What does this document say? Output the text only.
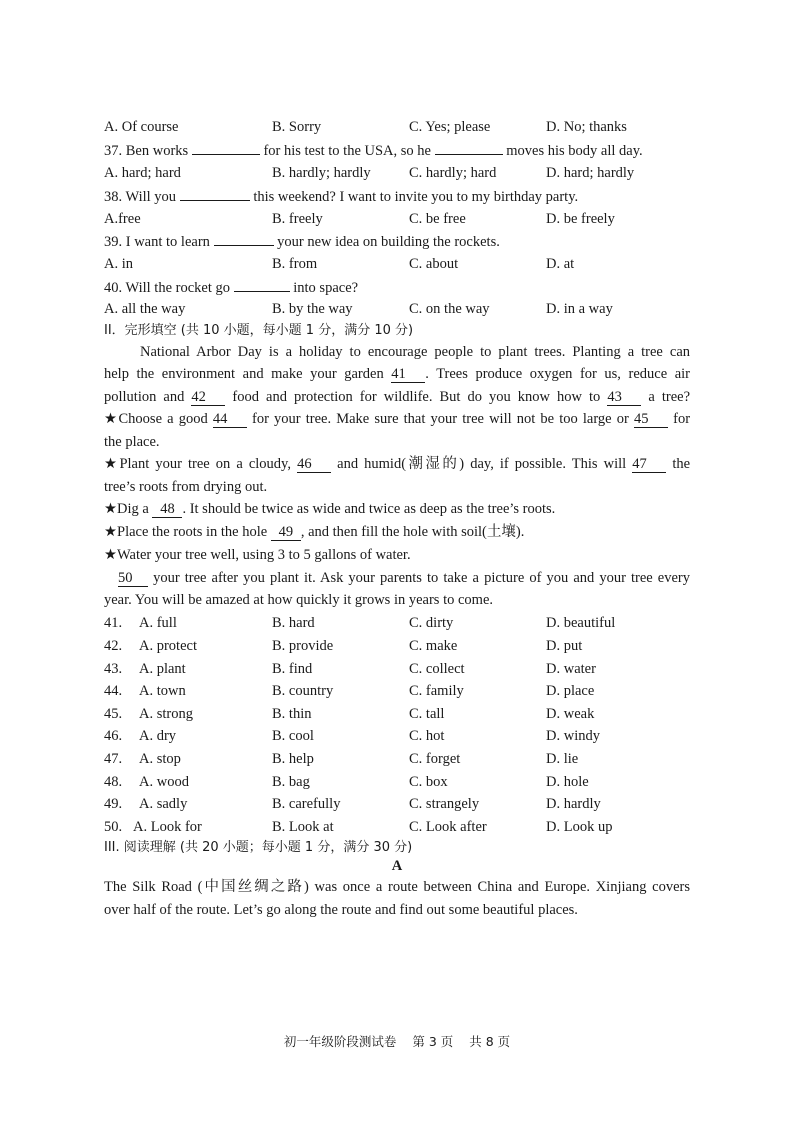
A. Of course	B. Sorry	C. Yes; please	D. No; thanks
37. Ben works	for his test to the USA, so he	moves his body all day.
A. hard; hard	B. hardly; hardly	C. hardly; hard	D. hard; hardly
38. Will you	this weekend? I want to invite you to my birthday party.
A.free	B. freely	C. be free	D. be freely
39. I want to learn	your new idea on building the rockets.
A. in	B. from	C. about	D. at
40. Will the rocket go	into space?
A. all the way	B. by the way	C. on the way	D. in a way
II．完形填空 (共 10 小题，每小题 1 分，满分 10 分)
National Arbor Day is a holiday to encourage people to plant trees. Planting a tree can
help the environment and make your garden 41 . Trees produce oxygen for us, reduce air
pollution and 42 food and protection for wildlife. But do you know how to 43 a tree?
★Choose a good 44 for your tree. Make sure that your tree will not be too large or 45 for
the place.
★Plant your tree on a cloudy, 46 and humid(潮湿的) day, if possible. This will 47 the
tree’s roots from drying out.
★Dig a 48 . It should be twice as wide and twice as deep as the tree’s roots.
★Place the roots in the hole 49 , and then fill the hole with soil(土壤).
★Water your tree well, using 3 to 5 gallons of water.
50 your tree after you plant it. Ask your parents to take a picture of you and your tree every
year. You will be amazed at how quickly it grows in years to come.
41. A. full	B. hard	C. dirty	D. beautiful
42. A. protect	B. provide	C. make	D. put
43. A. plant	B. find	C. collect	D. water
44. A. town	B. country	C. family	D. place
45. A. strong	B. thin	C. tall	D. weak
46. A. dry	B. cool	C. hot	D. windy
47. A. stop	B. help	C. forget	D. lie
48. A. wood	B. bag	C. box	D. hole
49. A. sadly	B. carefully	C. strangely	D. hardly
50. A. Look for	B. Look at	C. Look after	D. Look up
III. 阅读理解 (共 20 小题；每小题 1 分，满分 30 分)
A
The Silk Road (中国丝绸之路) was once a route between China and Europe. Xinjiang covers
over half of the route. Let’s go along the route and find out some beautiful places.
初一年级阶段测试卷 第 3 页 共 8 页
